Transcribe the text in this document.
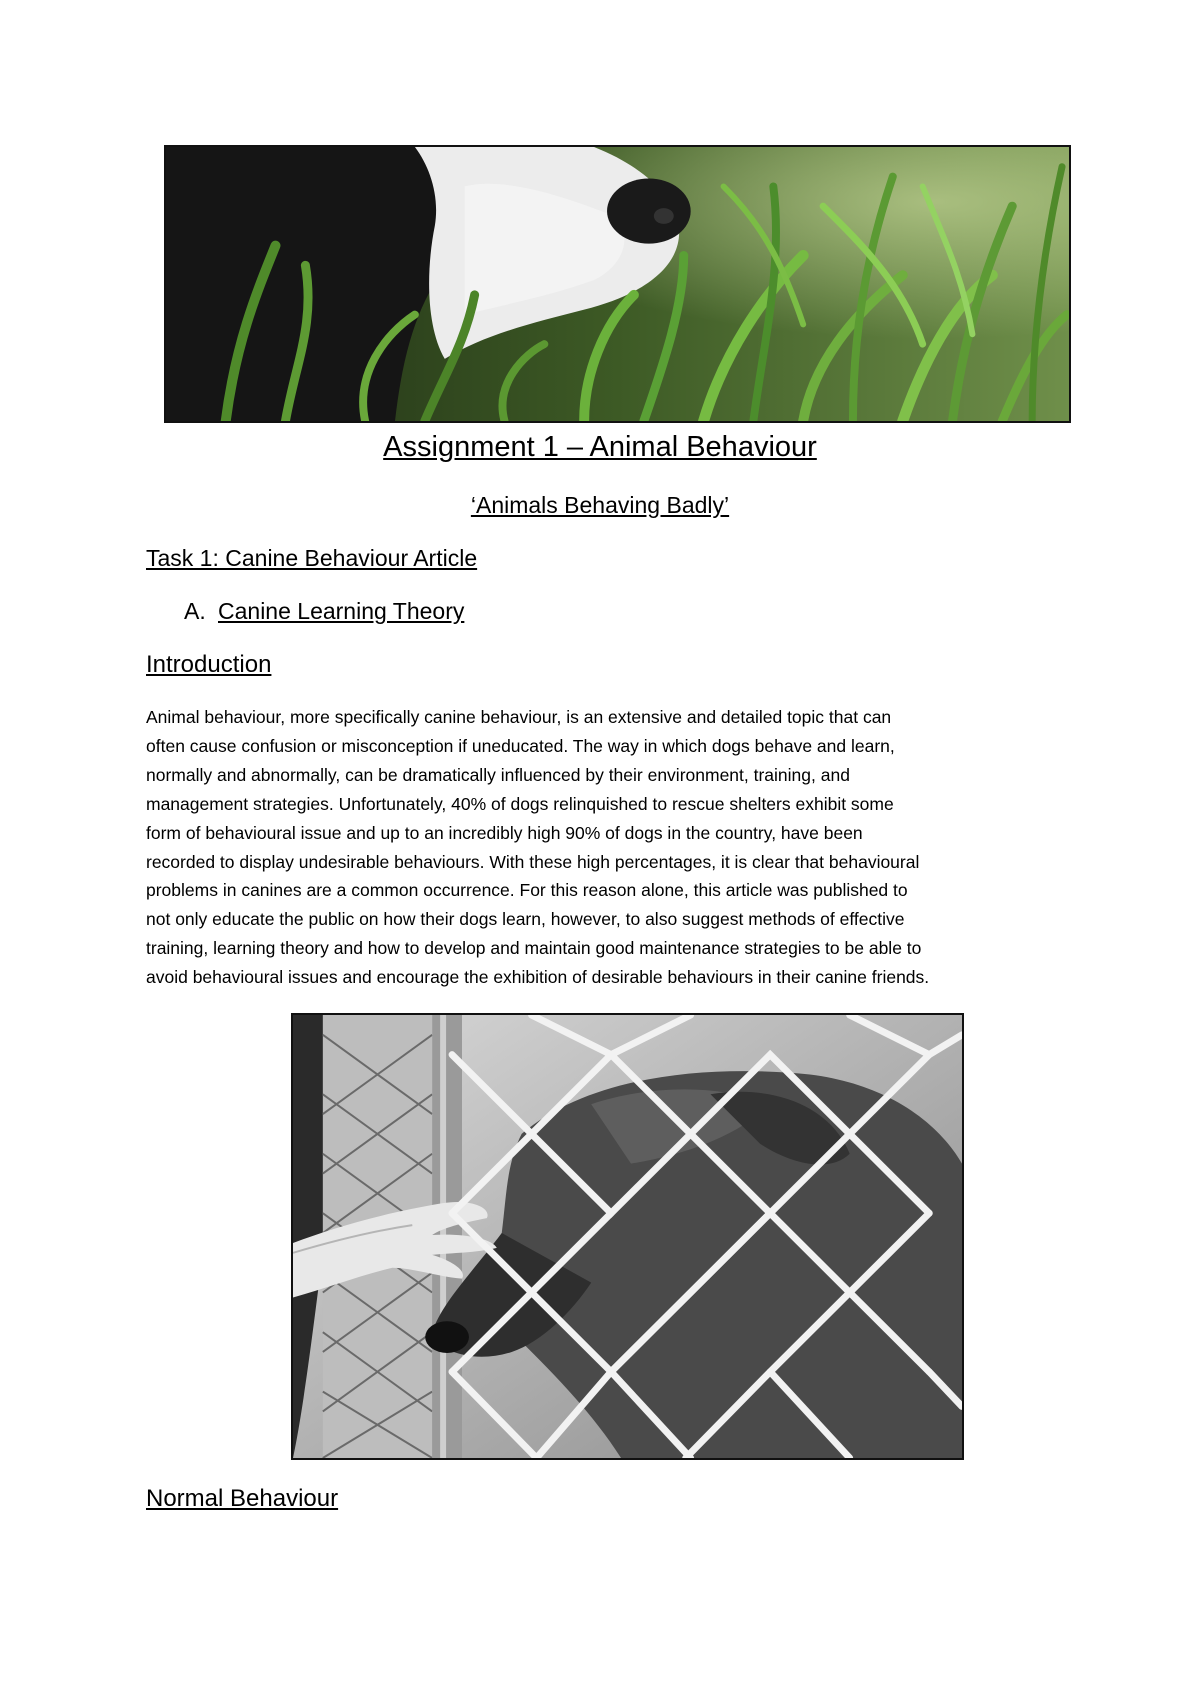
Assignment 1 – Animal Behaviour
‘Animals Behaving Badly’
Task 1: Canine Behaviour Article
A. Canine Learning Theory
Introduction
Animal behaviour, more specifically canine behaviour, is an extensive and detailed topic that can
often cause confusion or misconception if uneducated. The way in which dogs behave and learn,
normally and abnormally, can be dramatically influenced by their environment, training, and
management strategies. Unfortunately, 40% of dogs relinquished to rescue shelters exhibit some
form of behavioural issue and up to an incredibly high 90% of dogs in the country, have been
recorded to display undesirable behaviours. With these high percentages, it is clear that behavioural
problems in canines are a common occurrence. For this reason alone, this article was published to
not only educate the public on how their dogs learn, however, to also suggest methods of effective
training, learning theory and how to develop and maintain good maintenance strategies to be able to
avoid behavioural issues and encourage the exhibition of desirable behaviours in their canine friends.
Normal Behaviour
